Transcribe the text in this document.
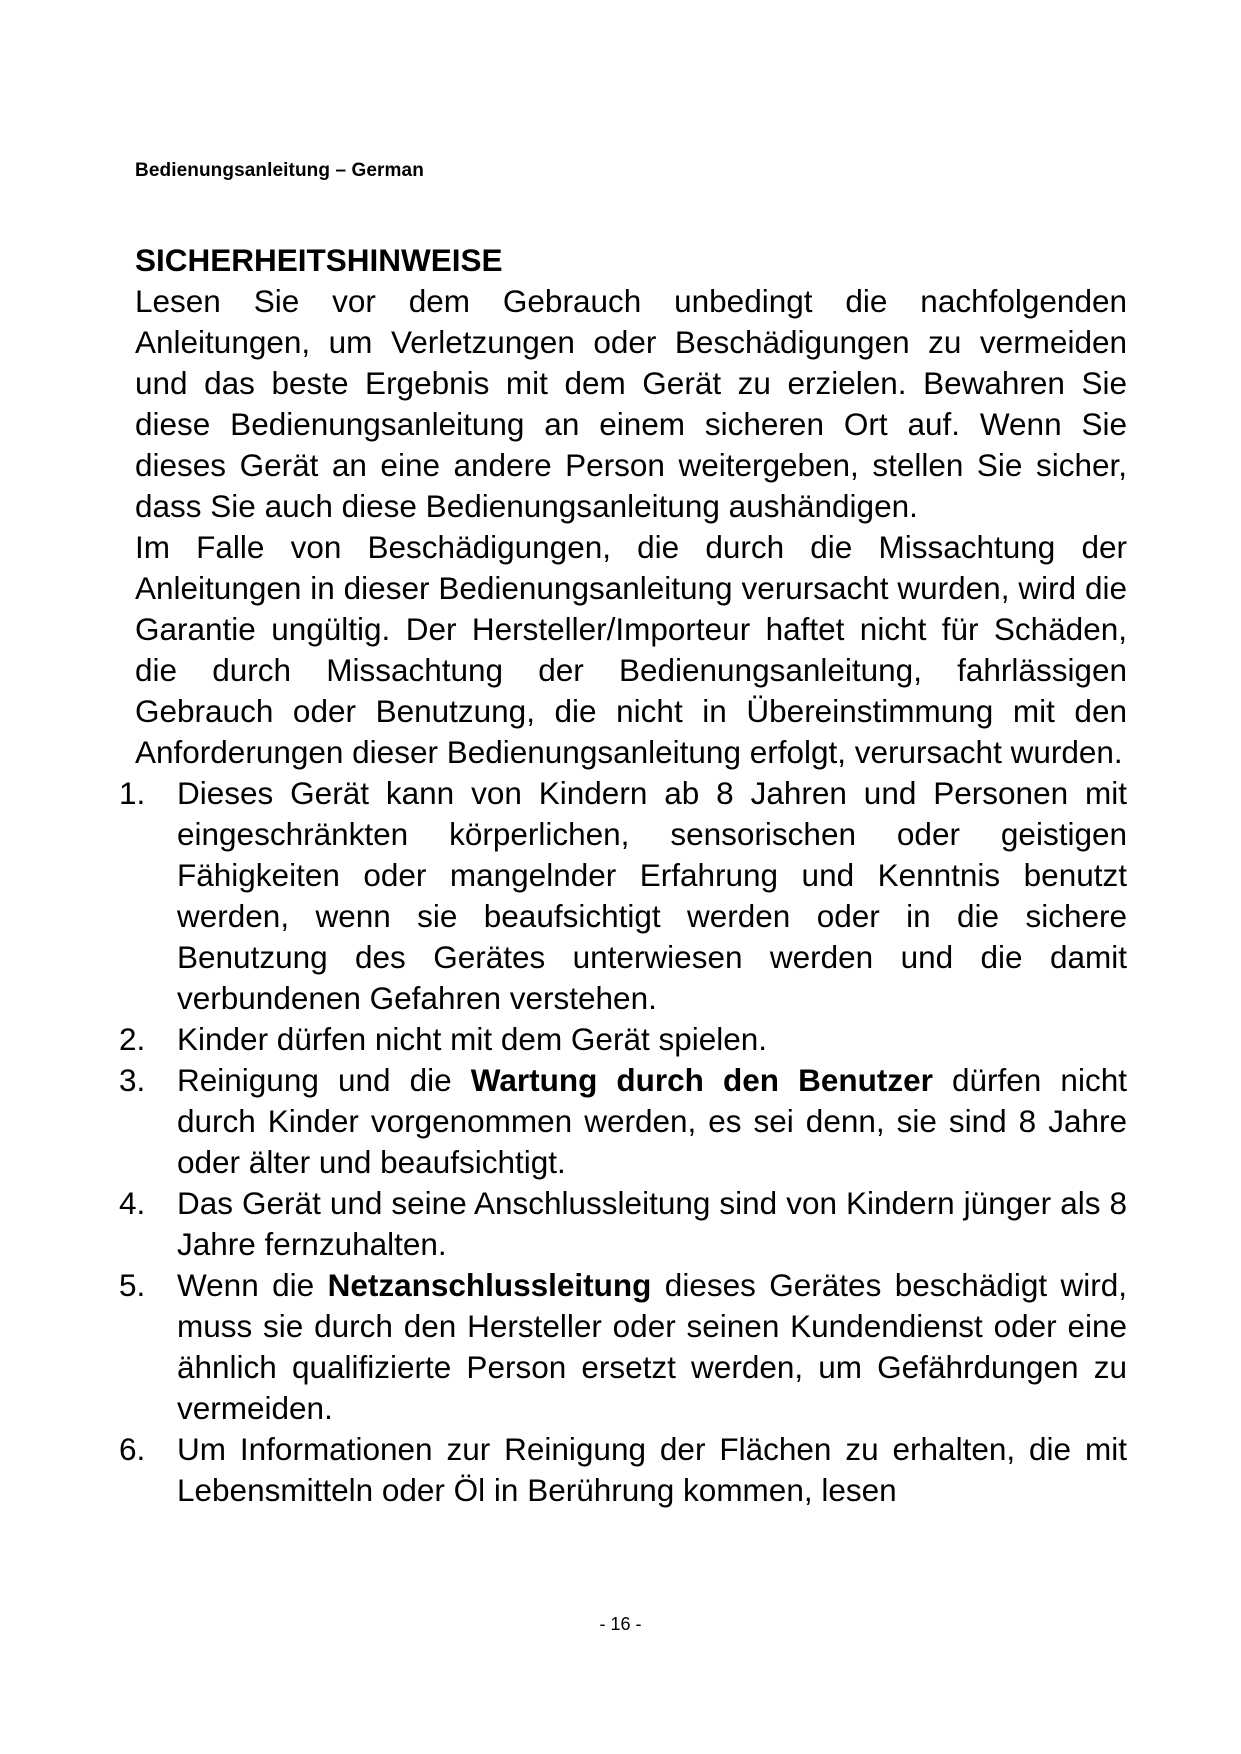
Bedienungsanleitung – German
SICHERHEITSHINWEISE

Lesen Sie vor dem Gebrauch unbedingt die nachfolgenden Anleitungen, um Verletzungen oder Beschädigungen zu vermeiden und das beste Ergebnis mit dem Gerät zu erzielen. Bewahren Sie diese Bedienungsanleitung an einem sicheren Ort auf. Wenn Sie dieses Gerät an eine andere Person weitergeben, stellen Sie sicher, dass Sie auch diese Bedienungsanleitung aushändigen.

Im Falle von Beschädigungen, die durch die Missachtung der Anleitungen in dieser Bedienungsanleitung verursacht wurden, wird die Garantie ungültig. Der Hersteller/Importeur haftet nicht für Schäden, die durch Missachtung der Bedienungsanleitung, fahrlässigen Gebrauch oder Benutzung, die nicht in Übereinstimmung mit den Anforderungen dieser Bedienungsanleitung erfolgt, verursacht wurden.

1.	Dieses Gerät kann von Kindern ab 8 Jahren und Personen mit eingeschränkten körperlichen, sensorischen oder geistigen Fähigkeiten oder mangelnder Erfahrung und Kenntnis benutzt werden, wenn sie beaufsichtigt werden oder in die sichere Benutzung des Gerätes unterwiesen werden und die damit verbundenen Gefahren verstehen.
2.	Kinder dürfen nicht mit dem Gerät spielen.
3.	Reinigung und die Wartung durch den Benutzer dürfen nicht durch Kinder vorgenommen werden, es sei denn, sie sind 8 Jahre oder älter und beaufsichtigt.
4.	Das Gerät und seine Anschlussleitung sind von Kindern jünger als 8 Jahre fernzuhalten.
5.	Wenn die Netzanschlussleitung dieses Gerätes beschädigt wird, muss sie durch den Hersteller oder seinen Kundendienst oder eine ähnlich qualifizierte Person ersetzt werden, um Gefährdungen zu vermeiden.
6.	Um Informationen zur Reinigung der Flächen zu erhalten, die mit Lebensmitteln oder Öl in Berührung kommen, lesen
- 16 -
